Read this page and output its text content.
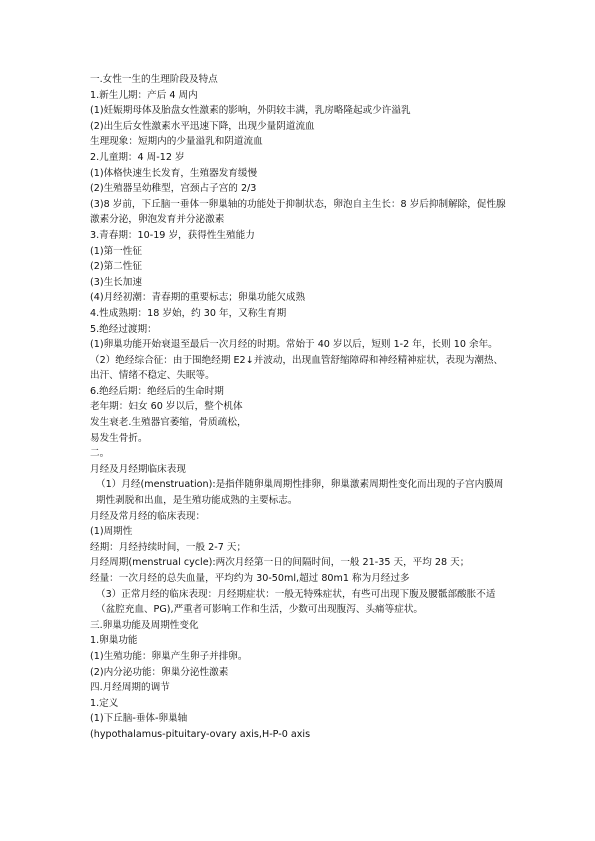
一.女性一生的生理阶段及特点

1.新生儿期：产后 4 周内

(1)妊娠期母体及胎盘女性激素的影响，外阴较丰满，乳房略隆起或少许溢乳

(2)出生后女性激素水平迅速下降，出现少量阴道流血

生理现象：短期内的少量溢乳和阴道流血

2.儿童期：4 周-12 岁

(1)体格快速生长发育，生殖器发育缓慢

(2)生殖器呈幼稚型，宫颈占子宫的 2/3

(3)8 岁前，下丘脑一垂体一卵巢轴的功能处于抑制状态，卵泡自主生长：8 岁后抑制解除，促性腺激素分泌，卵泡发育并分泌激素

3.青春期：10-19 岁，获得性生殖能力

(1)第一性征

(2)第二性征

(3)生长加速

(4)月经初潮：青春期的重要标志；卵巢功能欠成熟

4.性成熟期：18 岁始，约 30 年，又称生育期

5.绝经过渡期：

(1)卵巢功能开始衰退至最后一次月经的时期。常始于 40 岁以后，短则 1-2 年，长则 10 余年。

（2）绝经综合征：由于围绝经期 E2↓并波动，出现血管舒缩障碍和神经精神症状，表现为潮热、出汗、情绪不稳定、失眠等。

6.绝经后期：绝经后的生命时期

老年期：妇女 60 岁以后，整个机体

发生衰老.生殖器官萎缩，骨质疏松，

易发生骨折。

二。

月经及月经期临床表现

（1）月经(menstruation):是指伴随卵巢周期性排卵，卵巢激素周期性变化而出现的子宫内膜周期性剥脱和出血，是生殖功能成熟的主要标志。

月经及常月经的临床表现：

(1)周期性

经期：月经持续时间，一般 2-7 天；

月经周期(menstrual cycle):两次月经第一日的间隔时间，一般 21-35 天，平均 28 天；

经量：一次月经的总失血量，平均约为 30-50ml,超过 80m1 称为月经过多

（3）正常月经的临床表现：月经期症状：一般无特殊症状，有些可出现下腹及腰骶部酸胀不适（盆腔充血、PG),严重者可影响工作和生活，少数可出现腹泻、头痛等症状。

三.卵巢功能及周期性变化

1.卵巢功能

(1)生殖功能：卵巢产生卵子并排卵。

(2)内分泌功能：卵巢分泌性激素

四.月经周期的调节

1.定义

(1)下丘脑-垂体-卵巢轴

(hypothalamus-pituitary-ovary axis,H-P-0 axis
